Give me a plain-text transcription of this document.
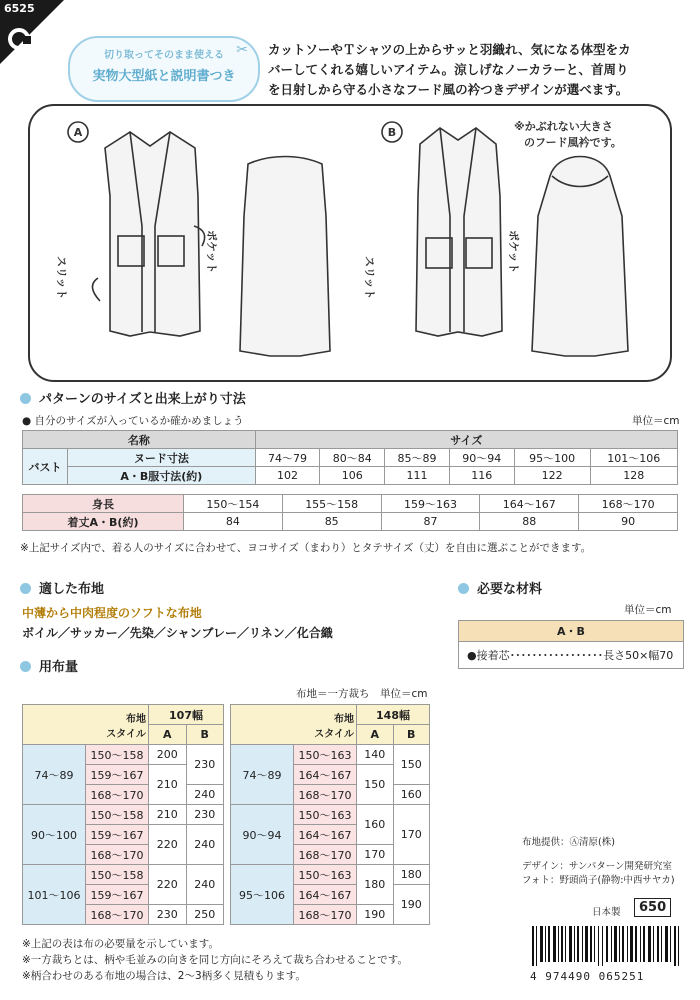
6525
✂
切り取ってそのまま使える
実物大型紙と説明書つき
カットソーやＴシャツの上からサッと羽織れ、気になる体型をカ
バーしてくれる嬉しいアイテム。涼しげなノーカラーと、首周り
を日射しから守る小さなフード風の衿つきデザインが選べます。
A	B
ポケット
スリット
ポケット
スリット
※かぶれない大きさ
のフード風衿です。
パターンのサイズと出来上がり寸法
● 自分のサイズが入っているか確かめましょう	単位＝cm
名称		サイズ					
バスト	ヌード寸法	74〜79	80〜84	85〜89	90〜94	95〜100	101〜106
	A・B服寸法(約)	102	106	111	116	122	128
身長	150〜154	155〜158	159〜163	164〜167	168〜170
着丈A・B(約)	84	85	87	88	90
※上記サイズ内で、着る人のサイズに合わせて、ヨコサイズ（まわり）とタテサイズ（丈）を自由に選ぶことができます。
適した布地
中薄から中肉程度のソフトな布地
ボイル／サッカー／先染／シャンブレー／リネン／化合織
必要な材料
単位＝cm
A・B
●接着芯･････････････････長さ50×幅70
用布量
布地＝一方裁ち 単位＝cm
布地
スタイル		107幅	
		A	B
74〜89	150〜158	200	230
	159〜167	210	
	168〜170		240
90〜100	150〜158	210	230
	159〜167	220	240
	168〜170		
101〜106	150〜158	220	240
	159〜167		
	168〜170	230	250
布地
スタイル		148幅	
		A	B
74〜89	150〜163	140	150
	164〜167	150	
	168〜170		160
90〜94	150〜163	160	170
	164〜167		
	168〜170	170	
95〜106	150〜163	180	180
	164〜167		190
	168〜170	190	
※上記の表は布の必要量を示しています。
※一方裁ちとは、柄や毛並みの向きを同じ方向にそろえて裁ち合わせることです。
※柄合わせのある布地の場合は、2〜3柄多く見積もります。
布地提供：Ⓐ清原(株)
デザイン：サンパターン開発研究室
フォト：野頭尚子(静物:中西サヤカ)
日本製	650
4 974490 065251
